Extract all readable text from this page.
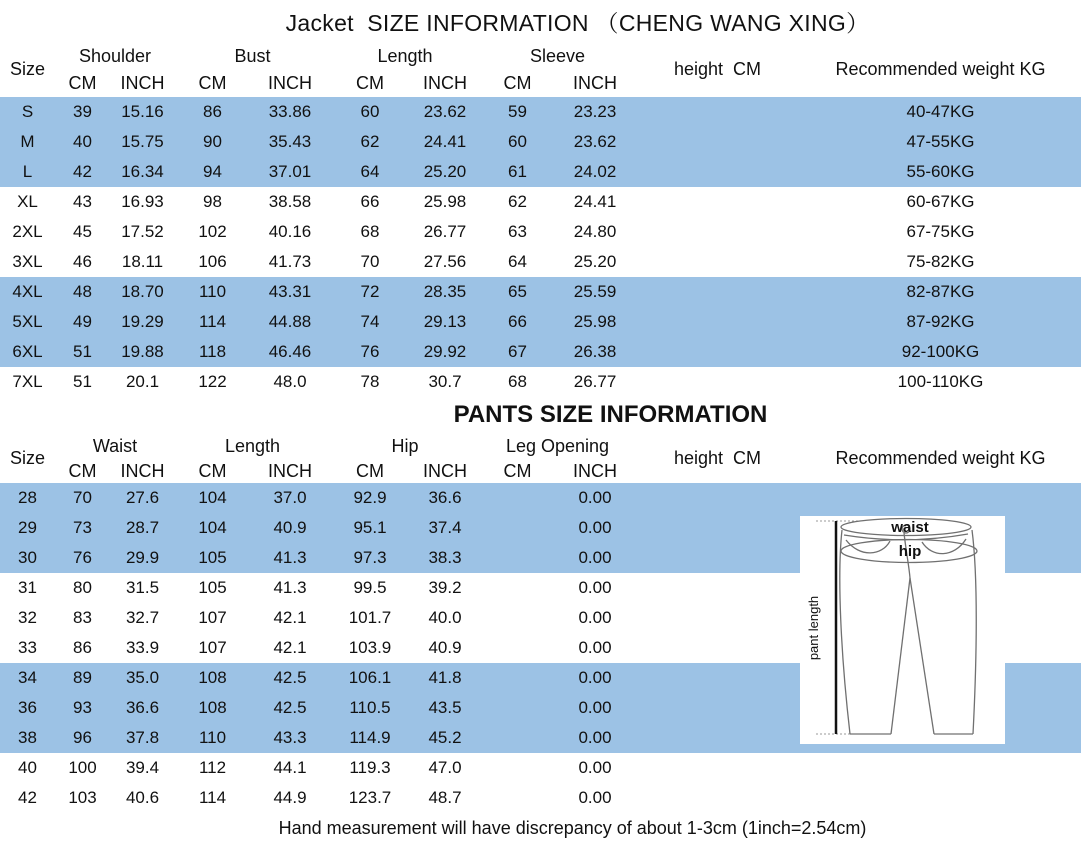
Jacket  SIZE INFORMATION （CHENG WANG XING）
Size	Shoulder		Bust		Length		Sleeve		height  CM	Recommended weight KG
	CM	INCH	CM	INCH	CM	INCH	CM	INCH		
S	39	15.16	86	33.86	60	23.62	59	23.23		40-47KG
M	40	15.75	90	35.43	62	24.41	60	23.62		47-55KG
L	42	16.34	94	37.01	64	25.20	61	24.02		55-60KG
XL	43	16.93	98	38.58	66	25.98	62	24.41		60-67KG
2XL	45	17.52	102	40.16	68	26.77	63	24.80		67-75KG
3XL	46	18.11	106	41.73	70	27.56	64	25.20		75-82KG
4XL	48	18.70	110	43.31	72	28.35	65	25.59		82-87KG
5XL	49	19.29	114	44.88	74	29.13	66	25.98		87-92KG
6XL	51	19.88	118	46.46	76	29.92	67	26.38		92-100KG
7XL	51	20.1	122	48.0	78	30.7	68	26.77		100-110KG
PANTS SIZE INFORMATION
Size	Waist		Length		Hip		Leg Opening		height  CM	Recommended weight KG
	CM	INCH	CM	INCH	CM	INCH	CM	INCH		
28	70	27.6	104	37.0	92.9	36.6		0.00		
29	73	28.7	104	40.9	95.1	37.4		0.00		
30	76	29.9	105	41.3	97.3	38.3		0.00		
31	80	31.5	105	41.3	99.5	39.2		0.00		
32	83	32.7	107	42.1	101.7	40.0		0.00		
33	86	33.9	107	42.1	103.9	40.9		0.00		
34	89	35.0	108	42.5	106.1	41.8		0.00		
36	93	36.6	108	42.5	110.5	43.5		0.00		
38	96	37.8	110	43.3	114.9	45.2		0.00		
40	100	39.4	112	44.1	119.3	47.0		0.00		
42	103	40.6	114	44.9	123.7	48.7		0.00		
Hand measurement will have discrepancy of about 1-3cm (1inch=2.54cm)
pant length
waist
hip
